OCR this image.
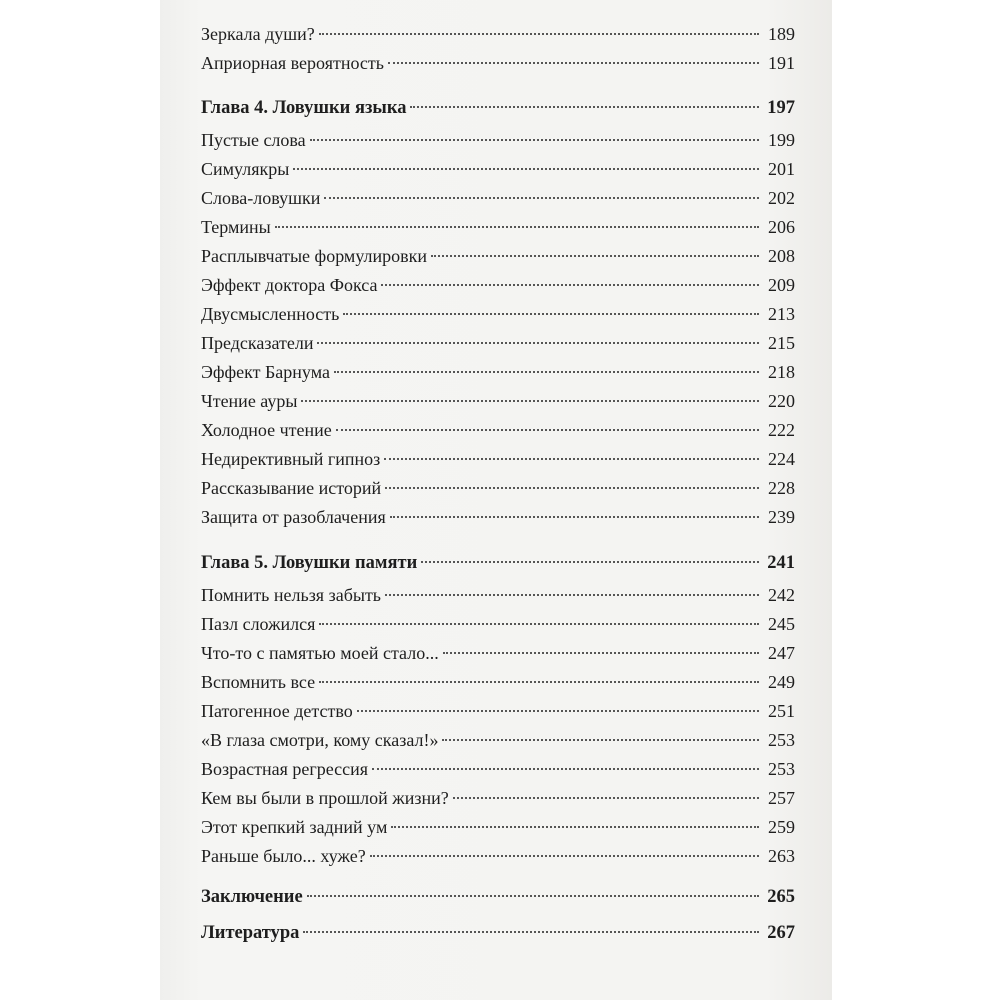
Зеркала души?	189
Априорная вероятность	191
Глава 4. Ловушки языка	197
Пустые слова	199
Симулякры	201
Слова-ловушки	202
Термины	206
Расплывчатые формулировки	208
Эффект доктора Фокса	209
Двусмысленность	213
Предсказатели	215
Эффект Барнума	218
Чтение ауры	220
Холодное чтение	222
Недирективный гипноз	224
Рассказывание историй	228
Защита от разоблачения	239
Глава 5. Ловушки памяти	241
Помнить нельзя забыть	242
Пазл сложился	245
Что-то с памятью моей стало...	247
Вспомнить все	249
Патогенное детство	251
«В глаза смотри, кому сказал!»	253
Возрастная регрессия	253
Кем вы были в прошлой жизни?	257
Этот крепкий задний ум	259
Раньше было... хуже?	263
Заключение	265
Литература	267
